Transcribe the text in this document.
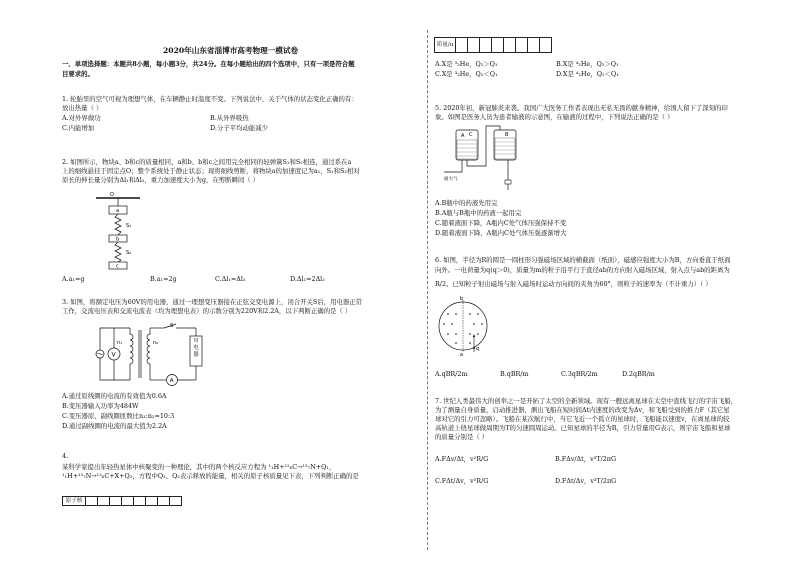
2020年山东省淄博市高考物理一模试卷
一、单项选择题：本题共8小题，每小题3分，共24分。在每小题给出的四个选项中，只有一项是符合题
目要求的。
1. 轮胎里的空气可视为理想气体，在车辆静止时温度不变。下列说法中，关于气体的状态变化正确的有：
放出热量（ ）
A.对外界做功	B.从外界吸热
C.内能增加	D.分子平均动能减少
2. 如图所示，物块a、b和c的质量相同，a和b、b和c之间用完全相同的轻弹簧S₁和S₂相连，通过系在a
上的细线悬挂于固定点O；整个系统处于静止状态；现将细线剪断，将物块a的加速度记为a₁，S₁和S₂相对
原长的伸长量分别为Δl₁和Δl₂，重力加速度大小为g，在剪断瞬间（ ）
O
a
S₁
b
S₂
c
A.a₁=g	B.a₁=2g	C.Δl₁=Δl₂	D.Δl₁=2Δl₂
3. 如图，将额定电压为60V的用电器，通过一理想变压器接在正弦交变电源上，闭合开关S后，用电器正常
工作，交流电压表和交流电流表（均为理想电表）的示数分别为220V和2.2A，以下判断正确的是（ ）
V
n₁	n₂
S
用电器
A
A.通过原线圈的电流的有效值为0.6A
B.变压器输入功率为484W
C.变压器原、副线圈匝数比n₁:n₂=10:3
D.通过副线圈的电流的最大值为2.2A
4.
某科学家提出年轻热星体中核聚变的一种理论，其中的两个核反应方程为 ¹₁H+¹²₆C→¹³₇N+Q₁，
¹₁H+¹⁵₇N→¹²₆C+X+Q₂，方程中Q₁、Q₂表示释放的能量，相关的原子核质量见下表，下列判断正确的是
原子核								
质量/u								
A.X是 ³₂He，Q₂＞Q₁	B.X是 ⁴₂He，Q₂＞Q₁
C.X是 ³₂He，Q₂＜Q₁	D.X是 ⁴₂He，Q₂＜Q₁
5. 2020年初，新冠肺炎来袭。我国广大医务工作者表现出无私无畏的献身精神，给国人留下了深刻的印
象。如图是医务人员为患者输液的示意图，在输液的过程中，下列说法正确的是（ ）
A	B
C
通大气
A.B瓶中的药液先用完
B.A瓶与B瓶中的药液一起用完
C.随着液面下降，A瓶内C处气体压强保持不变
D.随着液面下降，A瓶内C处气体压强逐渐增大
6. 如图，半径为R的圆是一圆柱形匀强磁场区域的横截面（纸面），磁感应强度大小为B，方向垂直于纸面
向外。一电荷量为q(q＞0)，质量为m的粒子沿平行于直径ab的方向射入磁场区域，射入点与ab的距离为
R/2。已知粒子射出磁场与射入磁场时运动方向间的夹角为60°，则粒子的速率为（不计重力）（ ）
b
a
q
A.qBR/2m	B.qBR/m	C.3qBR/2m	D.2qBR/m
7. 世纪人类最伟大的创举之一是开拓了太空的全新领域。现有一艘远离星球在太空中直线飞行的宇宙飞船，
为了测量自身质量，启动推进器，测出飞船在短时间Δt内速度的改变为Δv，和飞船受到的推力F（其它星
球对它的引力可忽略）。飞船在某次航行中，当它飞近一个孤立的星球时，飞船能以速度v，在离星球的较
高轨道上绕星球做周期为T的匀速圆周运动。已知星球的半径为R，引力常量用G表示，则宇宙飞船和星球
的质量分别是（ ）
A.FΔv/Δt，v²R/G	B.FΔv/Δt，v³T/2πG
C.FΔt/Δv，v²R/G	D.FΔt/Δv，v³T/2πG
